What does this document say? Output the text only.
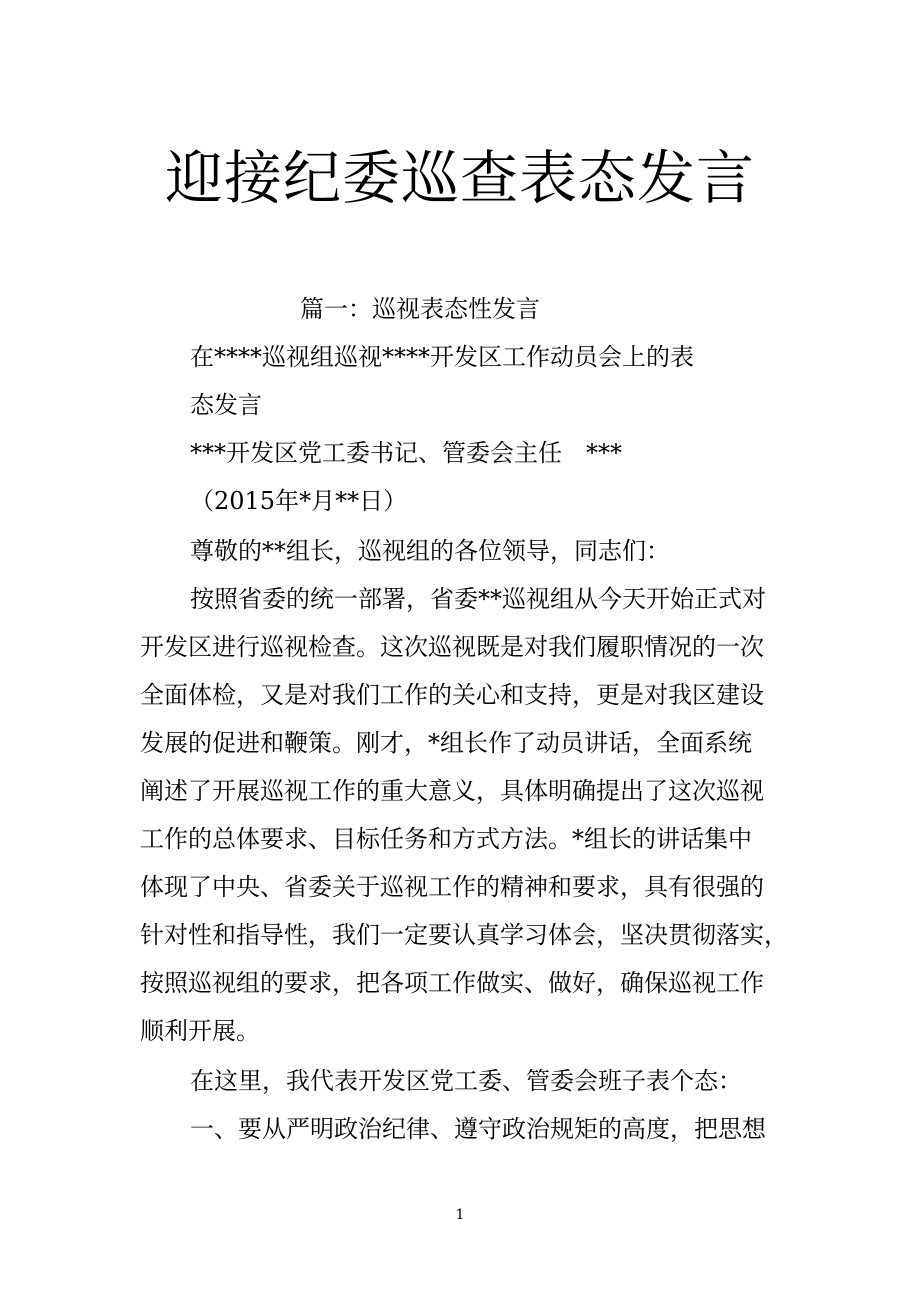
迎接纪委巡查表态发言
篇一：巡视表态性发言
在****巡视组巡视****开发区工作动员会上的表
态发言
***开发区党工委书记、管委会主任　***
（2015年*月**日）
尊敬的**组长，巡视组的各位领导，同志们：
按照省委的统一部署，省委**巡视组从今天开始正式对
开发区进行巡视检查。这次巡视既是对我们履职情况的一次
全面体检，又是对我们工作的关心和支持，更是对我区建设
发展的促进和鞭策。刚才，*组长作了动员讲话，全面系统
阐述了开展巡视工作的重大意义，具体明确提出了这次巡视
工作的总体要求、目标任务和方式方法。*组长的讲话集中
体现了中央、省委关于巡视工作的精神和要求，具有很强的
针对性和指导性，我们一定要认真学习体会，坚决贯彻落实，
按照巡视组的要求，把各项工作做实、做好，确保巡视工作
顺利开展。
在这里，我代表开发区党工委、管委会班子表个态：
一、要从严明政治纪律、遵守政治规矩的高度，把思想
1
